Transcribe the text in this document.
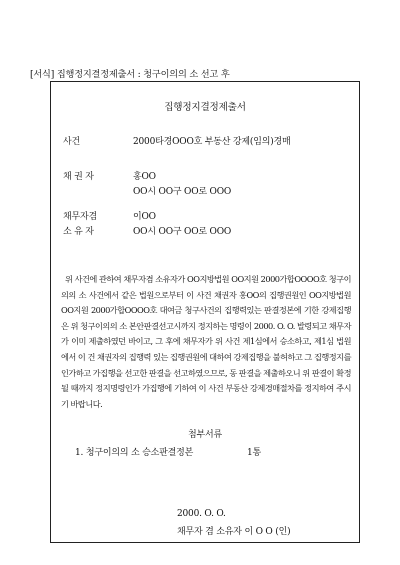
[서식] 집행정지결정제출서 : 청구이의의 소 선고 후
집행정지결정제출서
사건	2000타경OOO호 부동산 강제(임의)경매
채 권 자	홍OO
OO시 OO구 OO로 OOO
채무자겸	이OO
소 유 자	OO시 OO구 OO로 OOO
위 사건에 관하여 채무자겸 소유자가 OO지방법원 OO지원 2000가합OOOO호 청구이의의 소 사건에서 같은 법원으로부터 이 사건 채권자 홍OO의 집행권원인 OO지방법원 OO지원 2000가합OOOO호 대여금 청구사건의 집행력있는 판결정본에 기한 강제집행은 위 청구이의의 소 본안판결선고시까지 정지하는 명령이 2000. O. O. 발령되고 채무자가 이미 제출하였던 바이고, 그 후에 채무자가 위 사건 제1심에서 승소하고, 제1심 법원에서 이 건 채권자의 집행력 있는 집행권원에 대하여 강제집행을 불허하고 그 집행정지를 인가하고 가집행을 선고한 판결을 선고하였으므로, 동 판결을 제출하오니 위 판결이 확정될 때까지 정지명령인가 가집행에 기하여 이 사건 부동산 강제경매절차를 정지하여 주시기 바랍니다.
첨부서류
1. 청구이의의 소 승소판결정본	1통
2000. O. O.
채무자 겸 소유자 이 O O (인)
